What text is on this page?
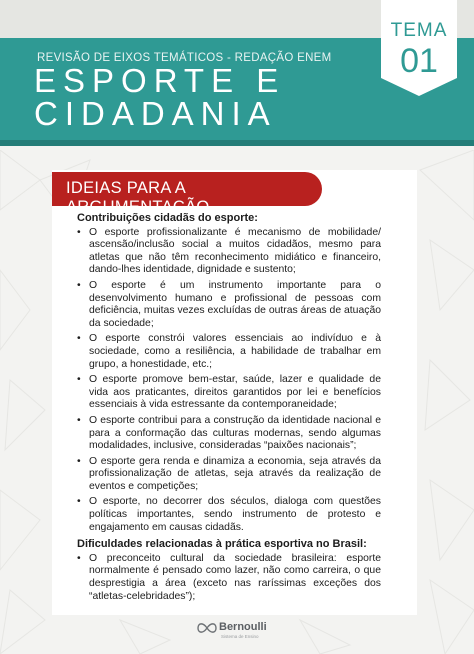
REVISÃO DE EIXOS TEMÁTICOS - REDAÇÃO ENEM
ESPORTE E
CIDADANIA
TEMA
01
IDEIAS PARA A ARGUMENTAÇÃO
Contribuições cidadãs do esporte:
• O esporte profissionalizante é mecanismo de mobilidade/ ascensão/inclusão social a muitos cidadãos, mesmo para atletas que não têm reconhecimento midiático e financeiro, dando-lhes identidade, dignidade e sustento;
• O esporte é um instrumento importante para o desenvolvimento humano e profissional de pessoas com deficiência, muitas vezes excluídas de outras áreas de atuação da sociedade;
• O esporte constrói valores essenciais ao indivíduo e à sociedade, como a resiliência, a habilidade de trabalhar em grupo, a honestidade, etc.;
• O esporte promove bem-estar, saúde, lazer e qualidade de vida aos praticantes, direitos garantidos por lei e benefícios essenciais à vida estressante da contemporaneidade;
• O esporte contribui para a construção da identidade nacional e para a conformação das culturas modernas, sendo algumas modalidades, inclusive, consideradas “paixões nacionais”;
• O esporte gera renda e dinamiza a economia, seja através da profissionalização de atletas, seja através da realização de eventos e competições;
• O esporte, no decorrer dos séculos, dialoga com questões políticas importantes, sendo instrumento de protesto e engajamento em causas cidadãs.
Dificuldades relacionadas à prática esportiva no Brasil:
• O preconceito cultural da sociedade brasileira: esporte normalmente é pensado como lazer, não como carreira, o que desprestigia a área (exceto nas raríssimas exceções dos “atletas-celebridades”);
Bernoulli
Sistema de Ensino
